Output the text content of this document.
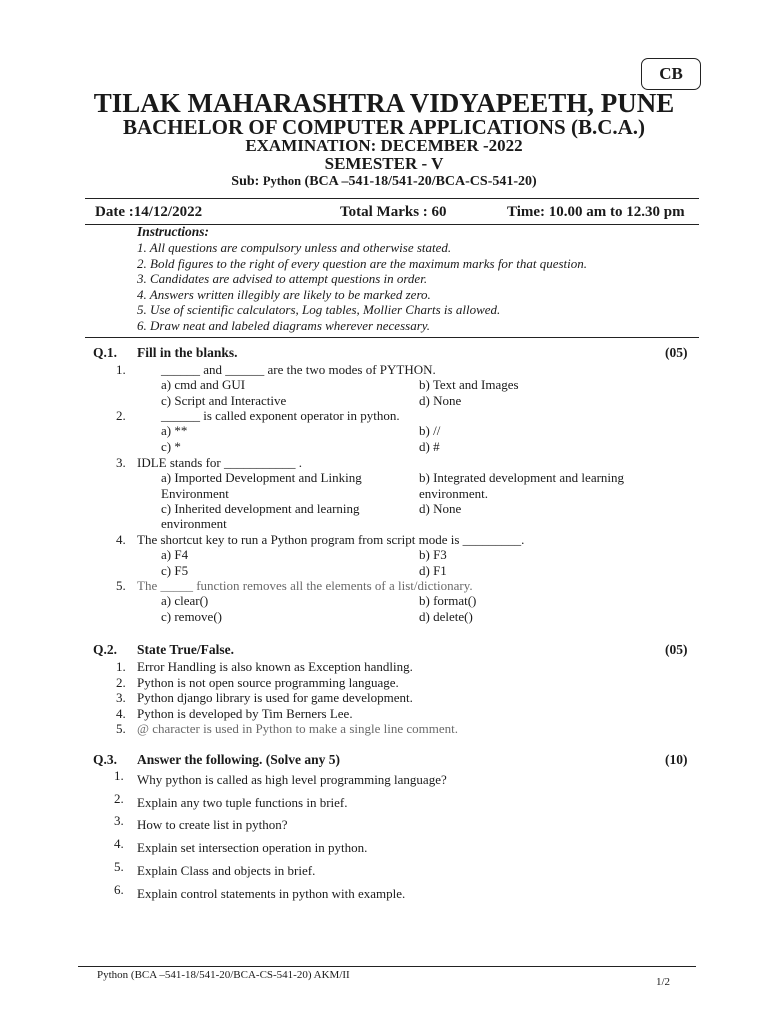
CB
TILAK MAHARASHTRA VIDYAPEETH, PUNE
BACHELOR OF COMPUTER APPLICATIONS (B.C.A.)
EXAMINATION: DECEMBER -2022
SEMESTER - V
Sub: Python (BCA –541-18/541-20/BCA-CS-541-20)
Date :14/12/2022	Total Marks : 60	Time: 10.00 am to 12.30 pm
Instructions:
1. All questions are compulsory unless and otherwise stated.
2. Bold figures to the right of every question are the maximum marks for that question.
3. Candidates are advised to attempt questions in order.
4. Answers written illegibly are likely to be marked zero.
5. Use of scientific calculators, Log tables, Mollier Charts is allowed.
6. Draw neat and labeled diagrams wherever necessary.
Q.1. Fill in the blanks.	(05)
1.	______ and ______ are the two modes of PYTHON.
a) cmd and GUI	b) Text and Images
c) Script and Interactive	d) None
2.	______ is called exponent operator in python.
a) **	b) //
c) *	d) #
3. IDLE stands for ___________ .
a) Imported Development and Linking
Environment
b) Integrated development and learning
environment.
c) Inherited development and learning
environment
d) None
4. The shortcut key to run a Python program from script mode is _________.
a) F4	b) F3
c) F5	d) F1
5. The _____ function removes all the elements of a list/dictionary.
a) clear()	b) format()
c) remove()	d) delete()
Q.2. State True/False.	(05)
1. Error Handling is also known as Exception handling.
2. Python is not open source programming language.
3. Python django library is used for game development.
4. Python is developed by Tim Berners Lee.
5. @ character is used in Python to make a single line comment.
Q.3. Answer the following. (Solve any 5)	(10)
1. Why python is called as high level programming language?
2. Explain any two tuple functions in brief.
3. How to create list in python?
4. Explain set intersection operation in python.
5. Explain Class and objects in brief.
6. Explain control statements in python with example.
Python (BCA –541-18/541-20/BCA-CS-541-20) AKM/II
1/2
